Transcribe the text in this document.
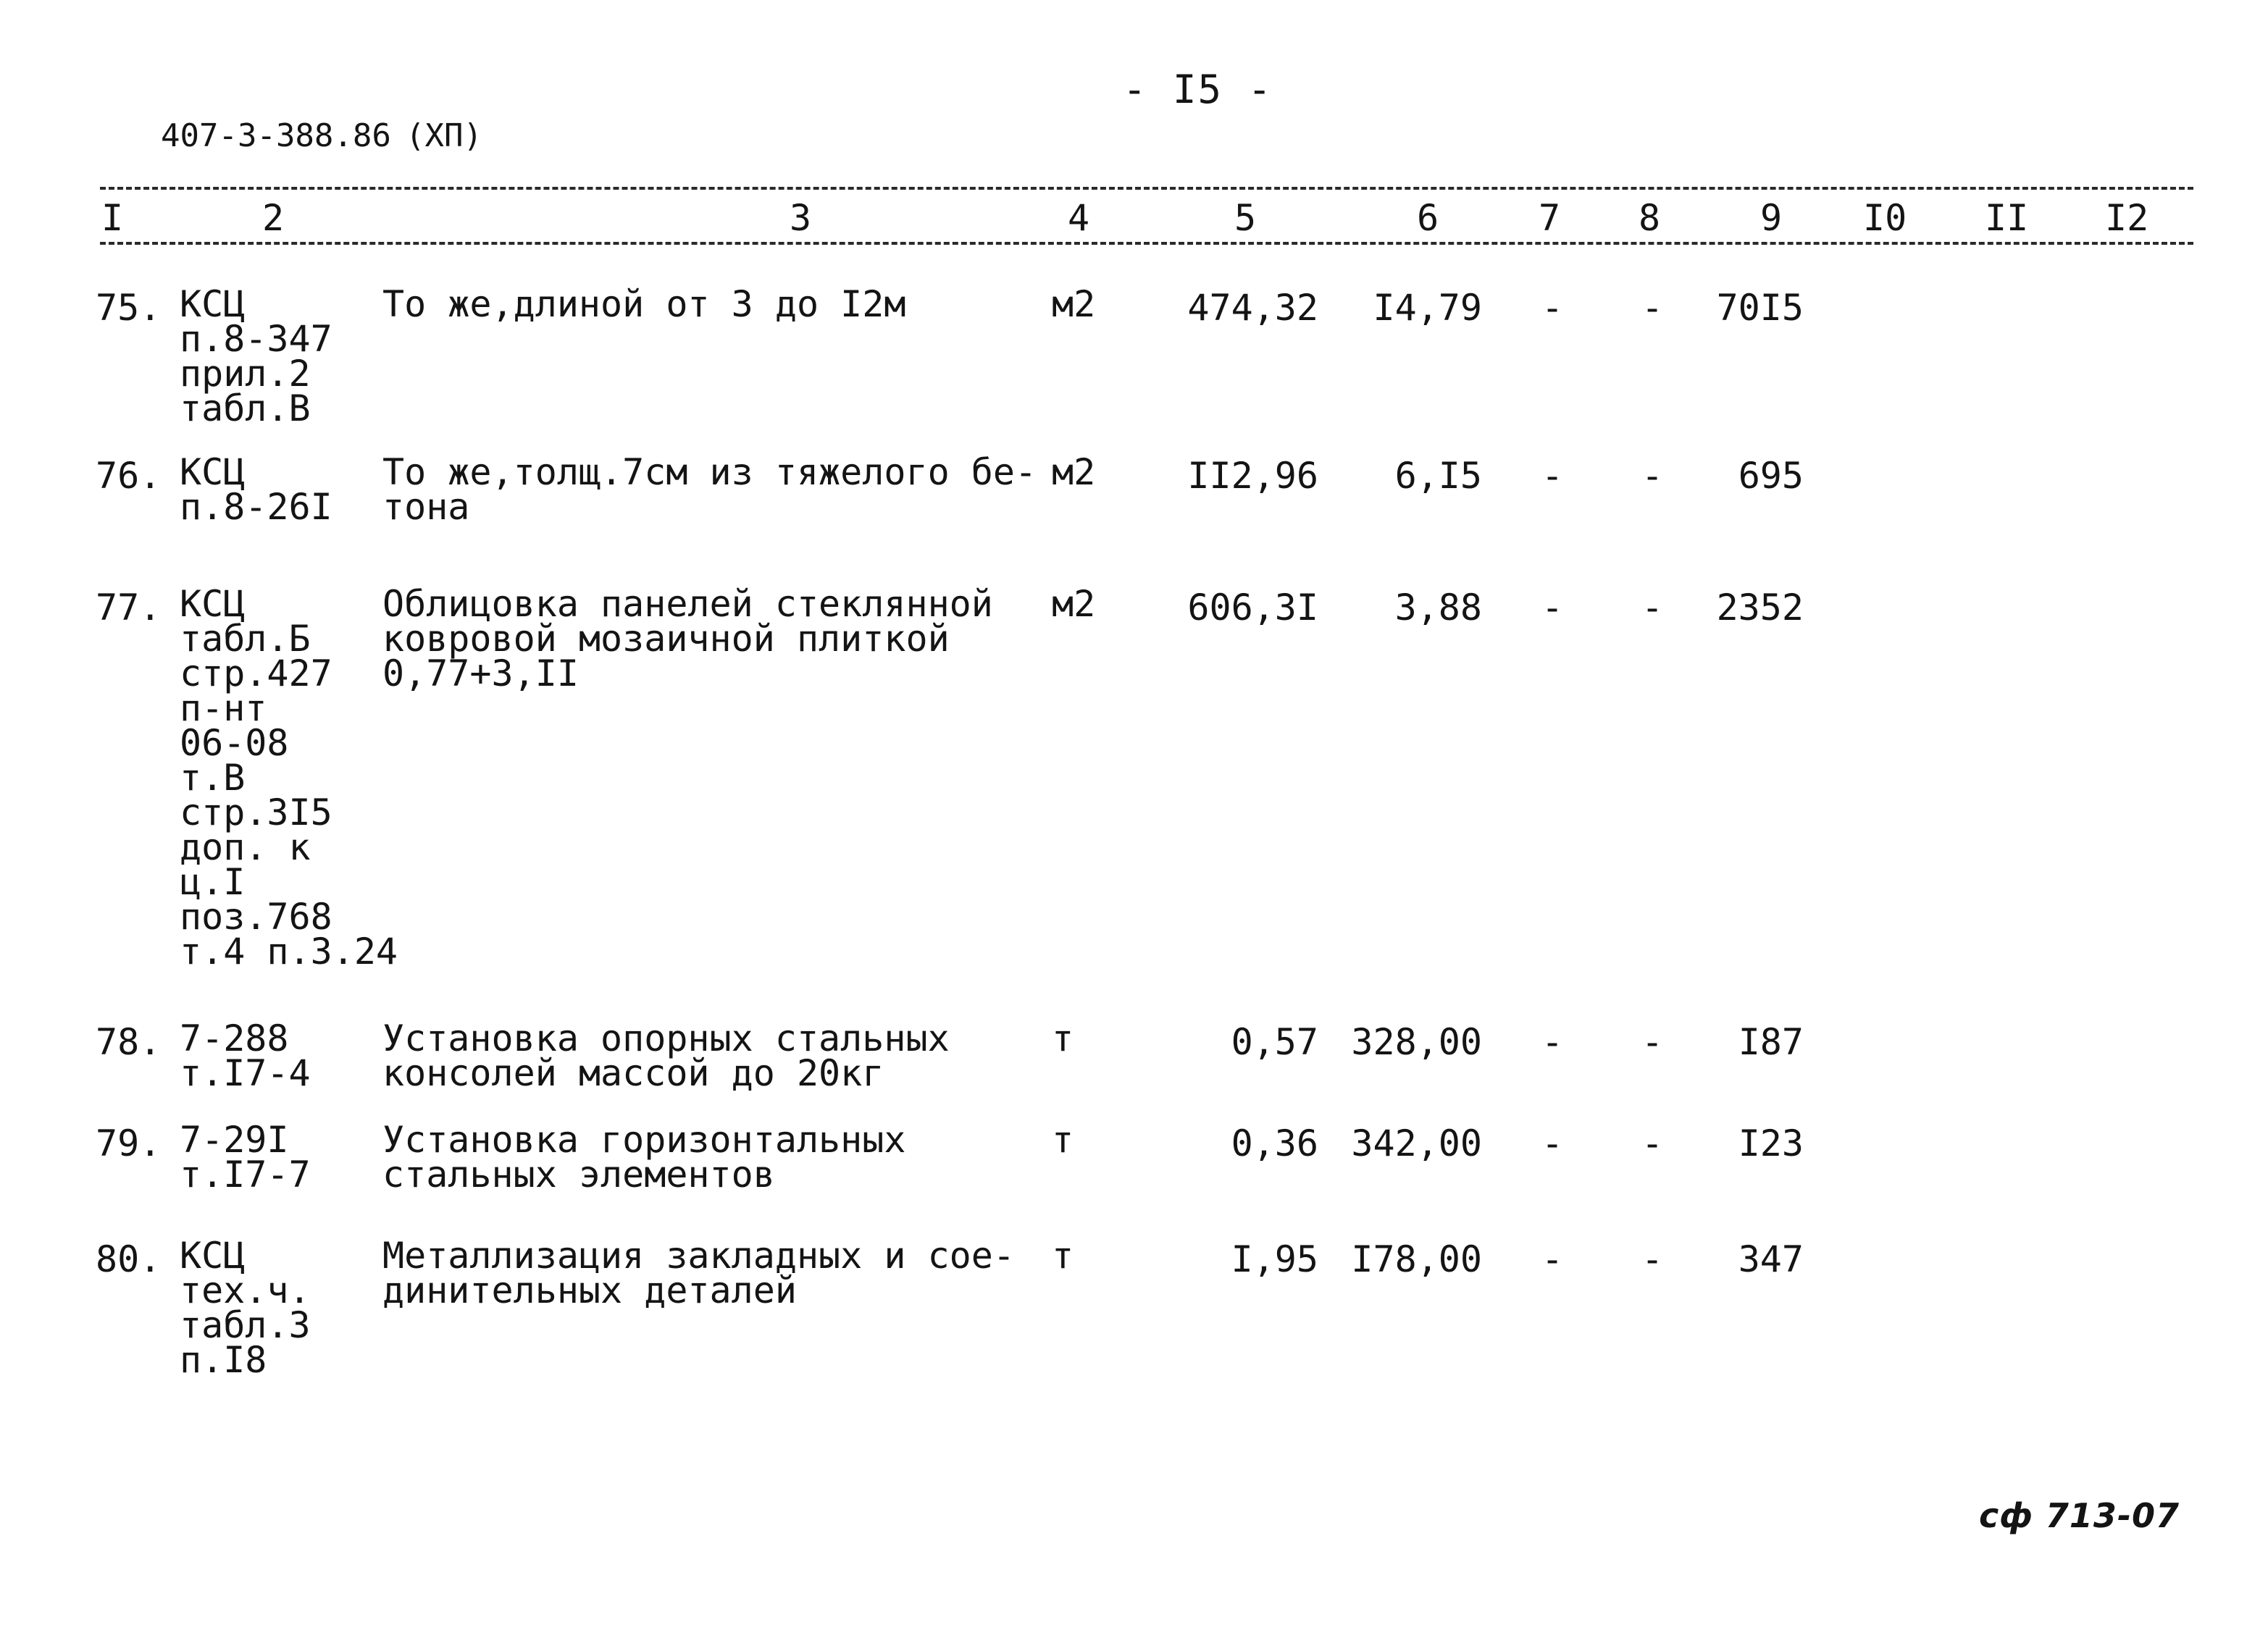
- I5 -
407-3-388.86 (ХП)
I	2	3	4	5	6	7 8	9 I0 II I2
75. КСЦ
п.8-347
прил.2
табл.В
То же,длиной от 3 до I2м	м2	474,32	I4,79 - -	70I5
76. КСЦ
п.8-26I
То же,толщ.7см из тяжелого бе-
тона
м2	II2,96	6,I5 - -	695
77. КСЦ
табл.Б
стр.427
п-нт
06-08
т.В
стр.3I5
доп. к
ц.I
поз.768
т.4 п.3.24
Облицовка панелей стеклянной
ковровой мозаичной плиткой
0,77+3,II
м2	606,3I	3,88 - -	2352
78. 7-288
т.I7-4
Установка опорных стальных
консолей массой до 20кг
т	0,57 328,00 - -	I87
79. 7-29I
т.I7-7
Установка горизонтальных
стальных элементов
т	0,36 342,00 - -	I23
80. КСЦ
тех.ч.
табл.3
п.I8
Металлизация закладных и сое-
динительных деталей
т	I,95 I78,00 - -	347
сф 713-07
